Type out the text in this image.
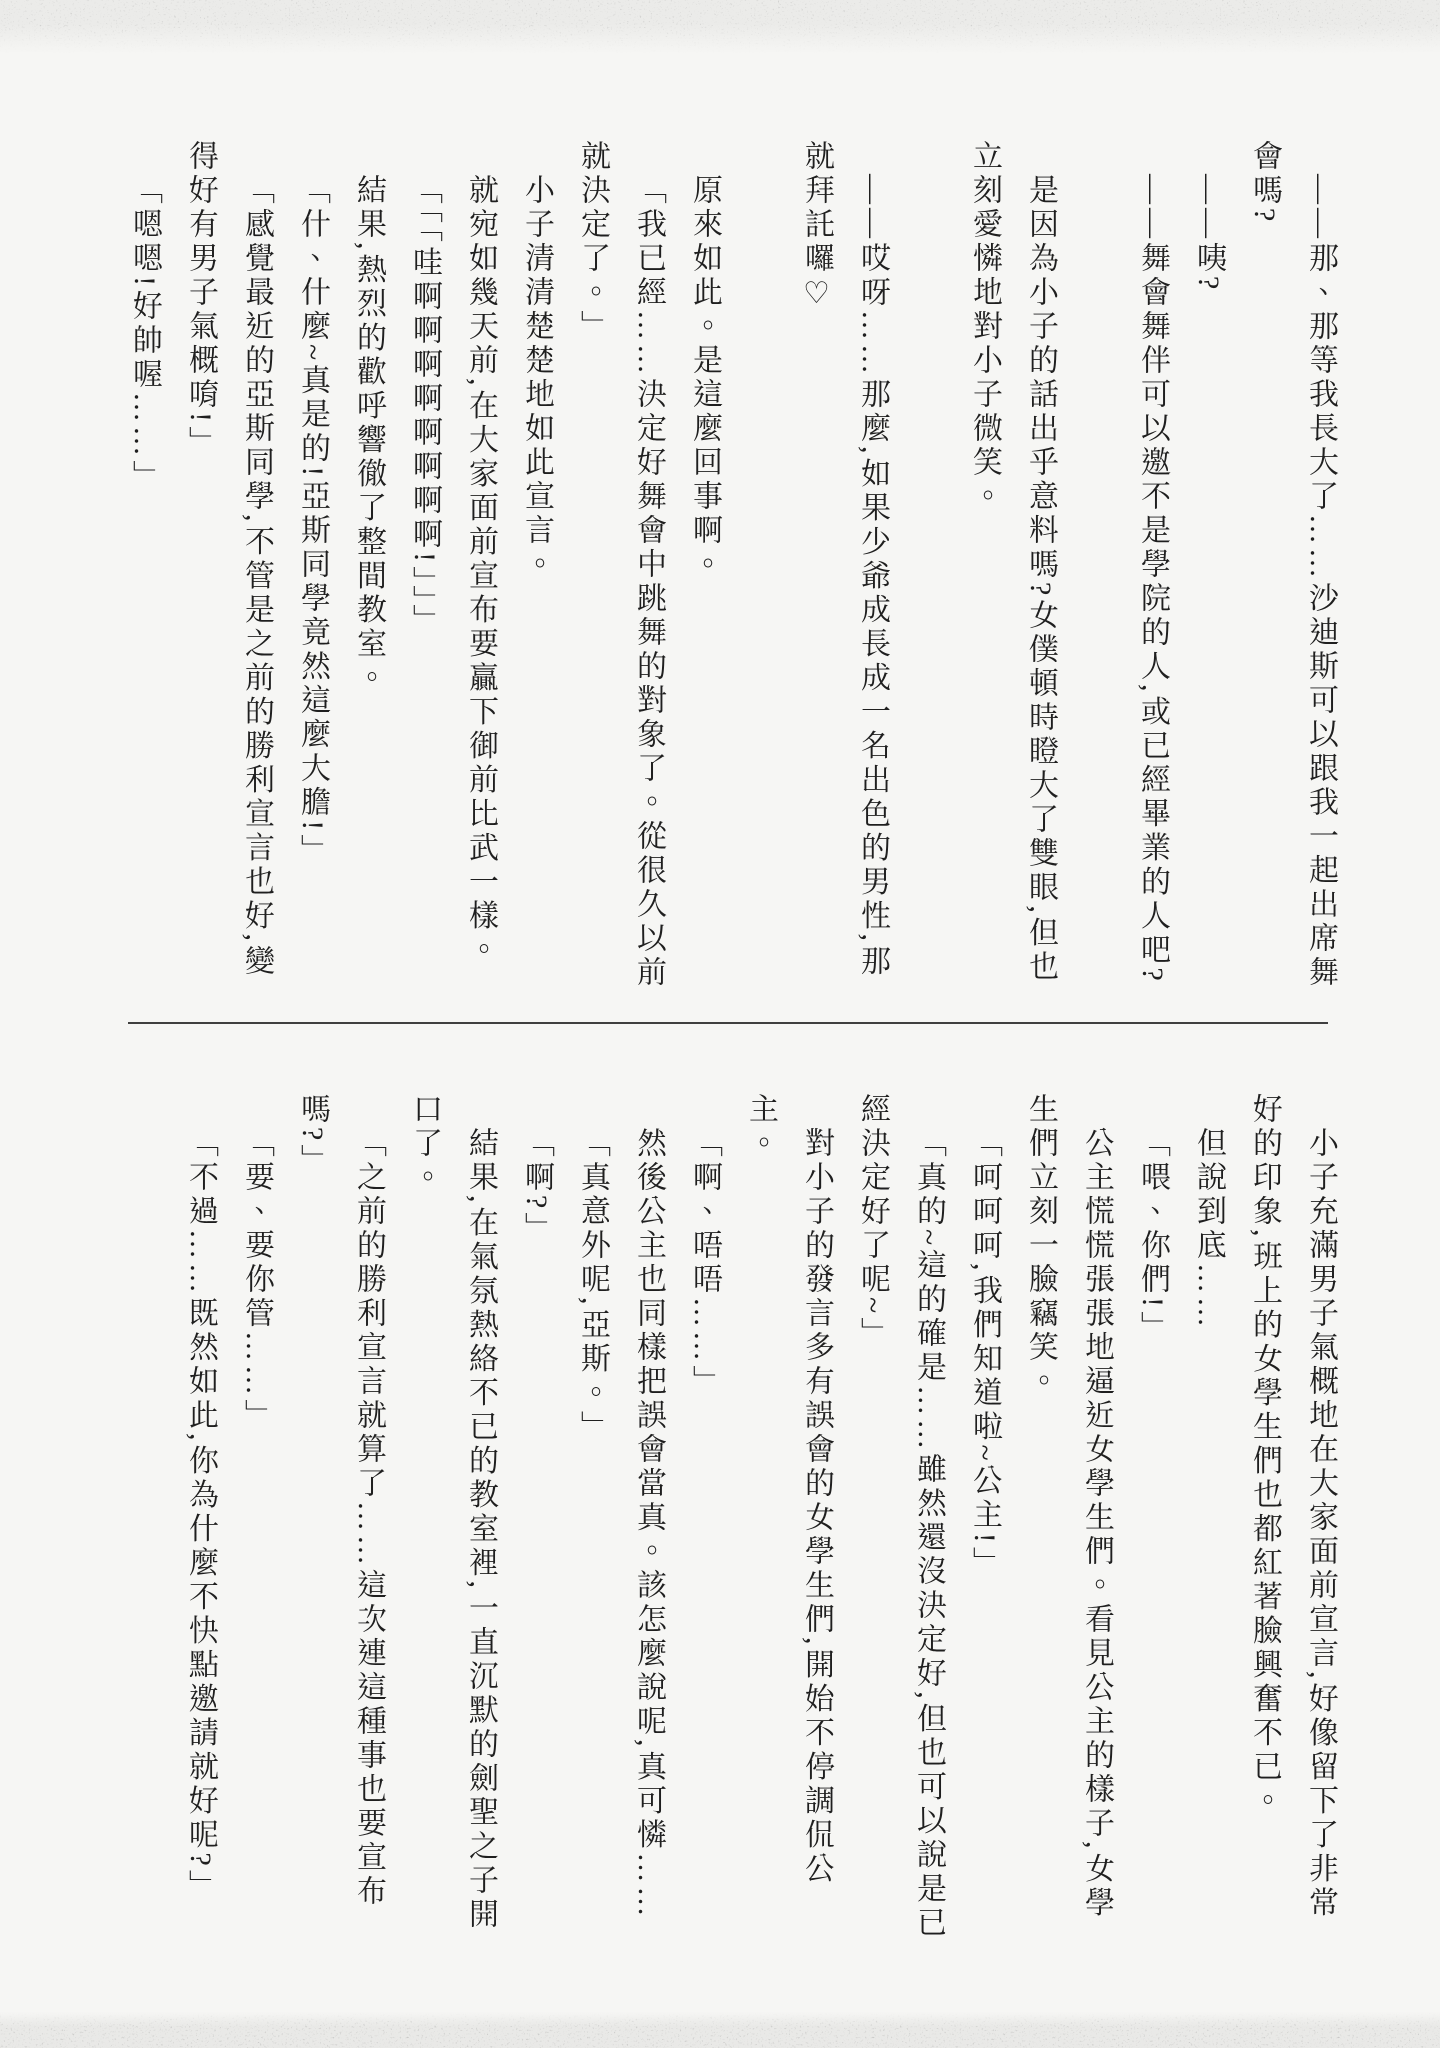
——那、那等我長大了……沙迪斯可以跟我一起出席舞會嗎?

——咦?

——舞會舞伴可以邀不是學院的人,或已經畢業的人吧?

是因為小子的話出乎意料嗎?女僕頓時瞪大了雙眼,但也立刻愛憐地對小子微笑。

——哎呀……那麼,如果少爺成長成一名出色的男性,那就拜託囉♡

原來如此。是這麼回事啊。

「我已經……決定好舞會中跳舞的對象了。從很久以前就決定了。」

小子清清楚楚地如此宣言。

就宛如幾天前,在大家面前宣布要贏下御前比武一樣。

「「「哇啊啊啊啊啊啊啊啊!」」」

結果,熱烈的歡呼響徹了整間教室。

「什、什麼~真是的!亞斯同學竟然這麼大膽!」

「感覺最近的亞斯同學,不管是之前的勝利宣言也好,變得好有男子氣概唷!」

「嗯嗯!好帥喔……」

小子充滿男子氣概地在大家面前宣言,好像留下了非常好的印象,班上的女學生們也都紅著臉興奮不已。

但說到底……

「喂、你們!」

公主慌慌張張地逼近女學生們。看見公主的樣子,女學生們立刻一臉竊笑。

「呵呵呵,我們知道啦~公主!」

「真的~這的確是……雖然還沒決定好,但也可以說是已經決定好了呢~」

對小子的發言多有誤會的女學生們,開始不停調侃公主。

「啊、唔唔……」

然後公主也同樣把誤會當真。該怎麼說呢,真可憐……

「真意外呢,亞斯。」

「啊?」

結果,在氣氛熱絡不已的教室裡,一直沉默的劍聖之子開口了。

「之前的勝利宣言就算了……這次連這種事也要宣布嗎?」

「要、要你管……」

「不過……既然如此,你為什麼不快點邀請就好呢?」
